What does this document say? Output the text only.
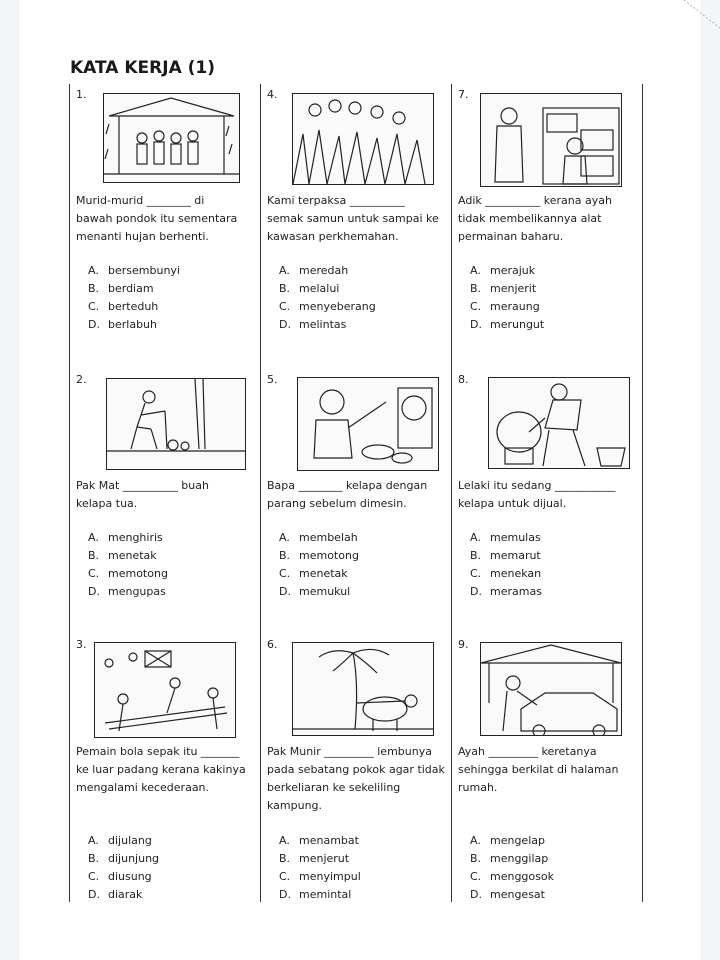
KATA KERJA (1)
1.
Murid-murid ________ di
bawah pondok itu sementara
menanti hujan berhenti.
A. bersembunyi
B. berdiam
C. berteduh
D. berlabuh
2.
Pak Mat __________ buah
kelapa tua.
A. menghiris
B. menetak
C. memotong
D. mengupas
3.
Pemain bola sepak itu _______
ke luar padang kerana kakinya
mengalami kecederaan.
A. dijulang
B. dijunjung
C. diusung
D. diarak
4.
Kami terpaksa __________
semak samun untuk sampai ke
kawasan perkhemahan.
A. meredah
B. melalui
C. menyeberang
D. melintas
5.
Bapa ________ kelapa dengan
parang sebelum dimesin.
A. membelah
B. memotong
C. menetak
D. memukul
6.
Pak Munir _________ lembunya
pada sebatang pokok agar tidak
berkeliaran ke sekeliling
kampung.
A. menambat
B. menjerut
C. menyimpul
D. memintal
7.
Adik __________ kerana ayah
tidak membelikannya alat
permainan baharu.
A. merajuk
B. menjerit
C. meraung
D. merungut
8.
Lelaki itu sedang ___________
kelapa untuk dijual.
A. memulas
B. memarut
C. menekan
D. meramas
9.
Ayah _________ keretanya
sehingga berkilat di halaman
rumah.
A. mengelap
B. menggilap
C. menggosok
D. mengesat
